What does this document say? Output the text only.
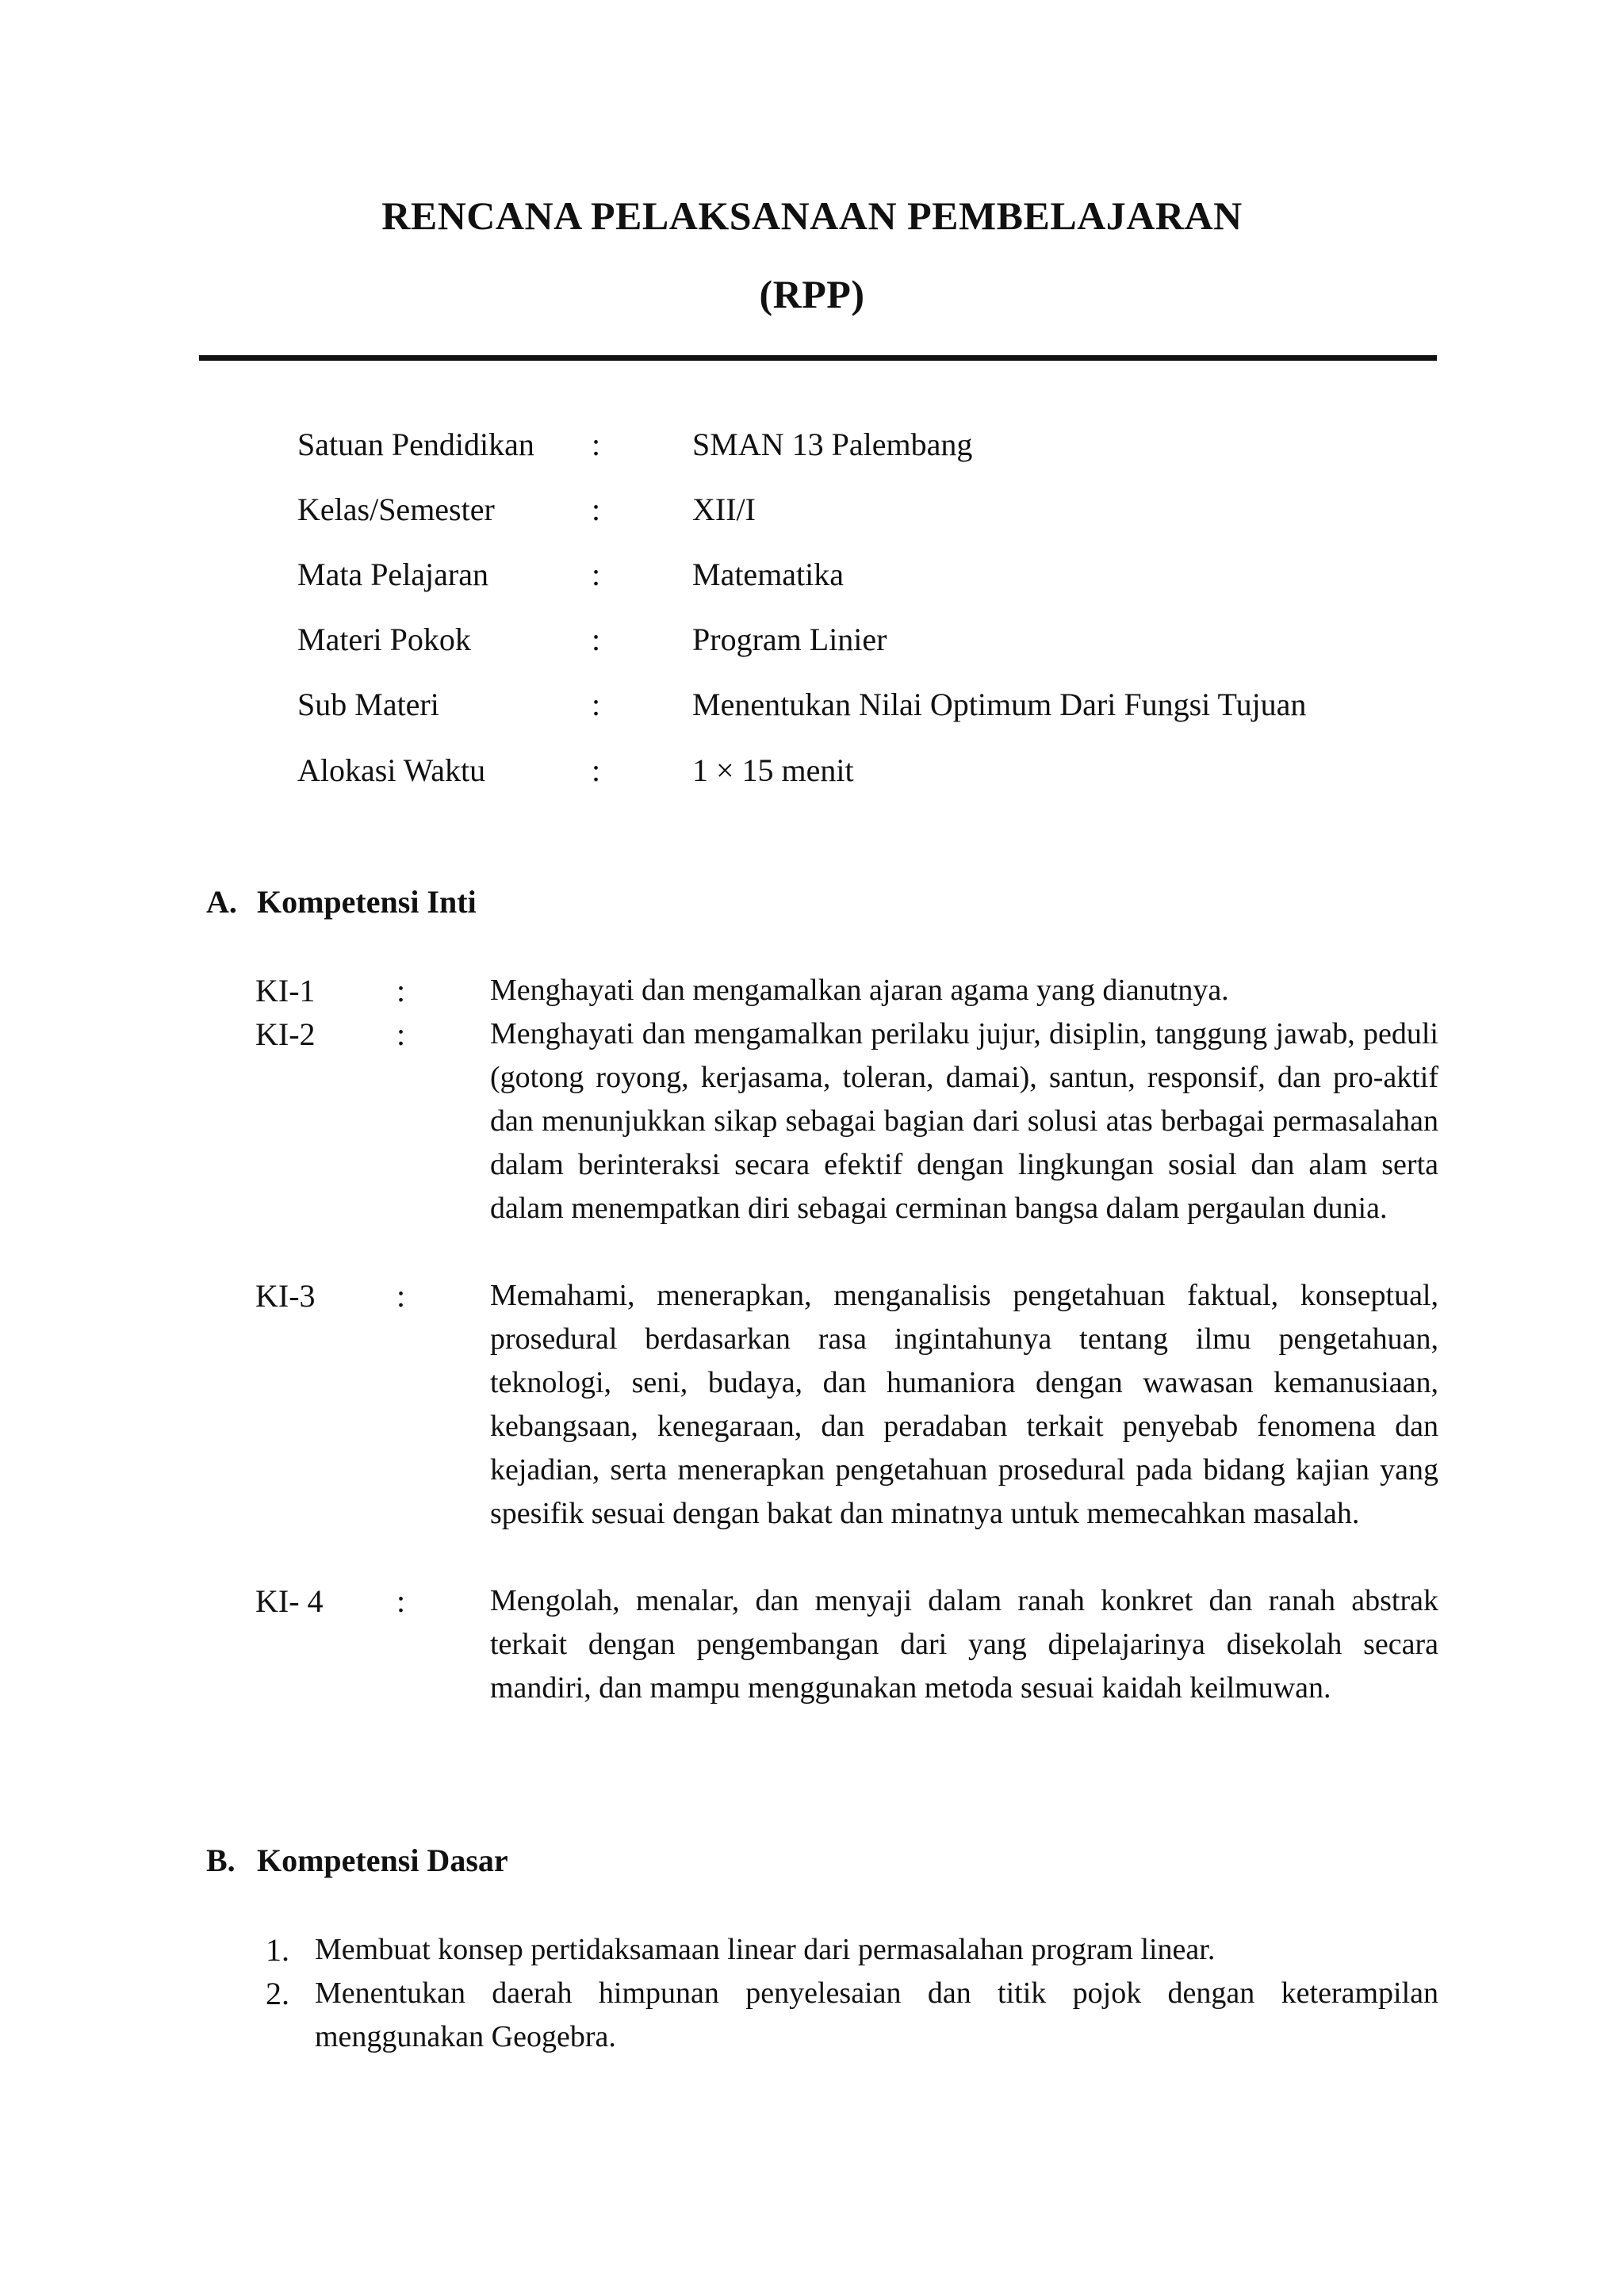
RENCANA PELAKSANAAN PEMBELAJARAN
(RPP)
Satuan Pendidikan :	SMAN 13 Palembang
Kelas/Semester	:	XII/I
Mata Pelajaran	:	Matematika
Materi Pokok	:	Program Linier
Sub Materi	:	Menentukan Nilai Optimum Dari Fungsi Tujuan
Alokasi Waktu	:	1 × 15 menit
A. Kompetensi Inti
KI-1	:	Menghayati dan mengamalkan ajaran agama yang dianutnya.

KI-2	:	Menghayati dan mengamalkan perilaku jujur, disiplin, tanggung jawab, peduli (gotong royong, kerjasama, toleran, damai), santun, responsif, dan pro-aktif dan menunjukkan sikap sebagai bagian dari solusi atas berbagai permasalahan dalam berinteraksi secara efektif dengan lingkungan sosial dan alam serta dalam menempatkan diri sebagai cerminan bangsa dalam pergaulan dunia.

KI-3	:	Memahami, menerapkan, menganalisis pengetahuan faktual, konseptual, prosedural berdasarkan rasa ingintahunya tentang ilmu pengetahuan, teknologi, seni, budaya, dan humaniora dengan wawasan kemanusiaan, kebangsaan, kenegaraan, dan peradaban terkait penyebab fenomena dan kejadian, serta menerapkan pengetahuan prosedural pada bidang kajian yang spesifik sesuai dengan bakat dan minatnya untuk memecahkan masalah.

KI- 4 :	Mengolah, menalar, dan menyaji dalam ranah konkret dan ranah abstrak terkait dengan pengembangan dari yang dipelajarinya disekolah secara mandiri, dan mampu menggunakan metoda sesuai kaidah keilmuwan.

B. Kompetensi Dasar
1. Membuat konsep pertidaksamaan linear dari permasalahan program linear.

2. Menentukan daerah himpunan penyelesaian dan titik pojok dengan keterampilan menggunakan Geogebra.
